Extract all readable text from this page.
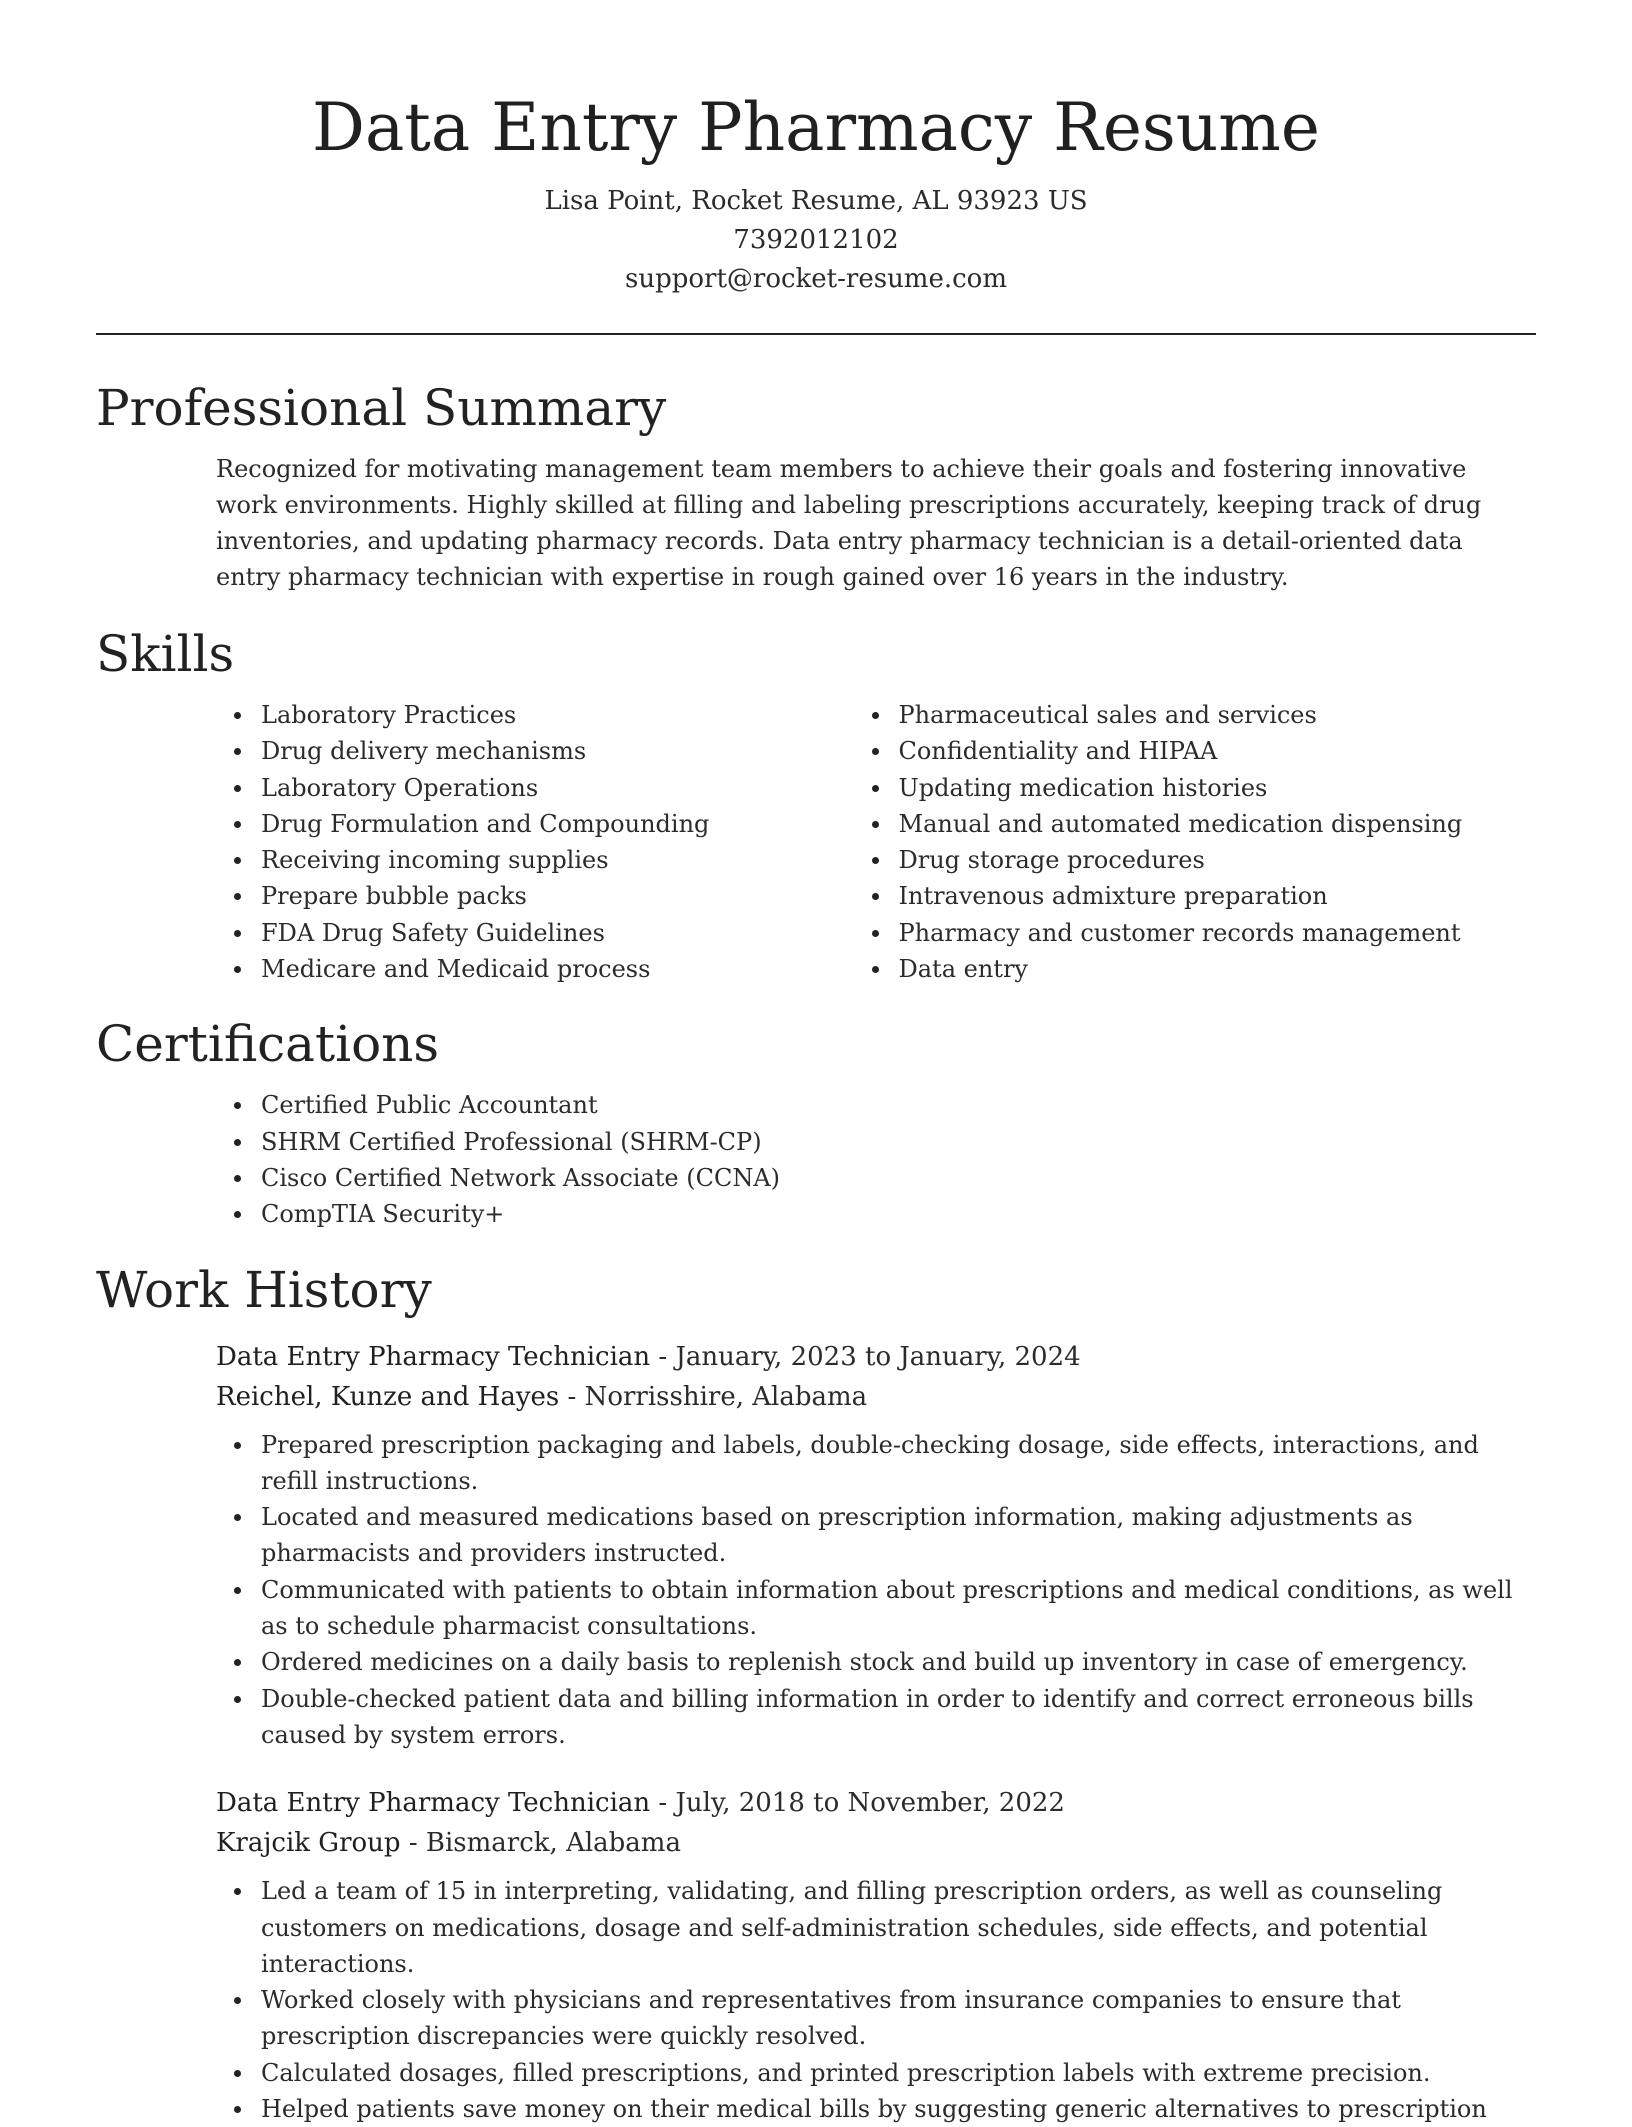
Data Entry Pharmacy Resume
Lisa Point, Rocket Resume, AL 93923 US
7392012102
support@rocket-resume.com
Professional Summary

Recognized for motivating management team members to achieve their goals and fostering innovative work environments. Highly skilled at filling and labeling prescriptions accurately, keeping track of drug inventories, and updating pharmacy records. Data entry pharmacy technician is a detail-oriented data entry pharmacy technician with expertise in rough gained over 16 years in the industry.

Skills
Laboratory Practices
Drug delivery mechanisms
Laboratory Operations
Drug Formulation and Compounding
Receiving incoming supplies
Prepare bubble packs
FDA Drug Safety Guidelines
Medicare and Medicaid process
Pharmaceutical sales and services
Confidentiality and HIPAA
Updating medication histories
Manual and automated medication dispensing
Drug storage procedures
Intravenous admixture preparation
Pharmacy and customer records management
Data entry
Certifications
Certified Public Accountant
SHRM Certified Professional (SHRM-CP)
Cisco Certified Network Associate (CCNA)
CompTIA Security+
Work History
Data Entry Pharmacy Technician - January, 2023 to January, 2024
Reichel, Kunze and Hayes - Norrisshire, Alabama
Prepared prescription packaging and labels, double-checking dosage, side effects, interactions, and refill instructions.
Located and measured medications based on prescription information, making adjustments as pharmacists and providers instructed.
Communicated with patients to obtain information about prescriptions and medical conditions, as well as to schedule pharmacist consultations.
Ordered medicines on a daily basis to replenish stock and build up inventory in case of emergency.
Double-checked patient data and billing information in order to identify and correct erroneous bills caused by system errors.
Data Entry Pharmacy Technician - July, 2018 to November, 2022
Krajcik Group - Bismarck, Alabama
Led a team of 15 in interpreting, validating, and filling prescription orders, as well as counseling customers on medications, dosage and self-administration schedules, side effects, and potential interactions.
Worked closely with physicians and representatives from insurance companies to ensure that prescription discrepancies were quickly resolved.
Calculated dosages, filled prescriptions, and printed prescription labels with extreme precision.
Helped patients save money on their medical bills by suggesting generic alternatives to prescription
